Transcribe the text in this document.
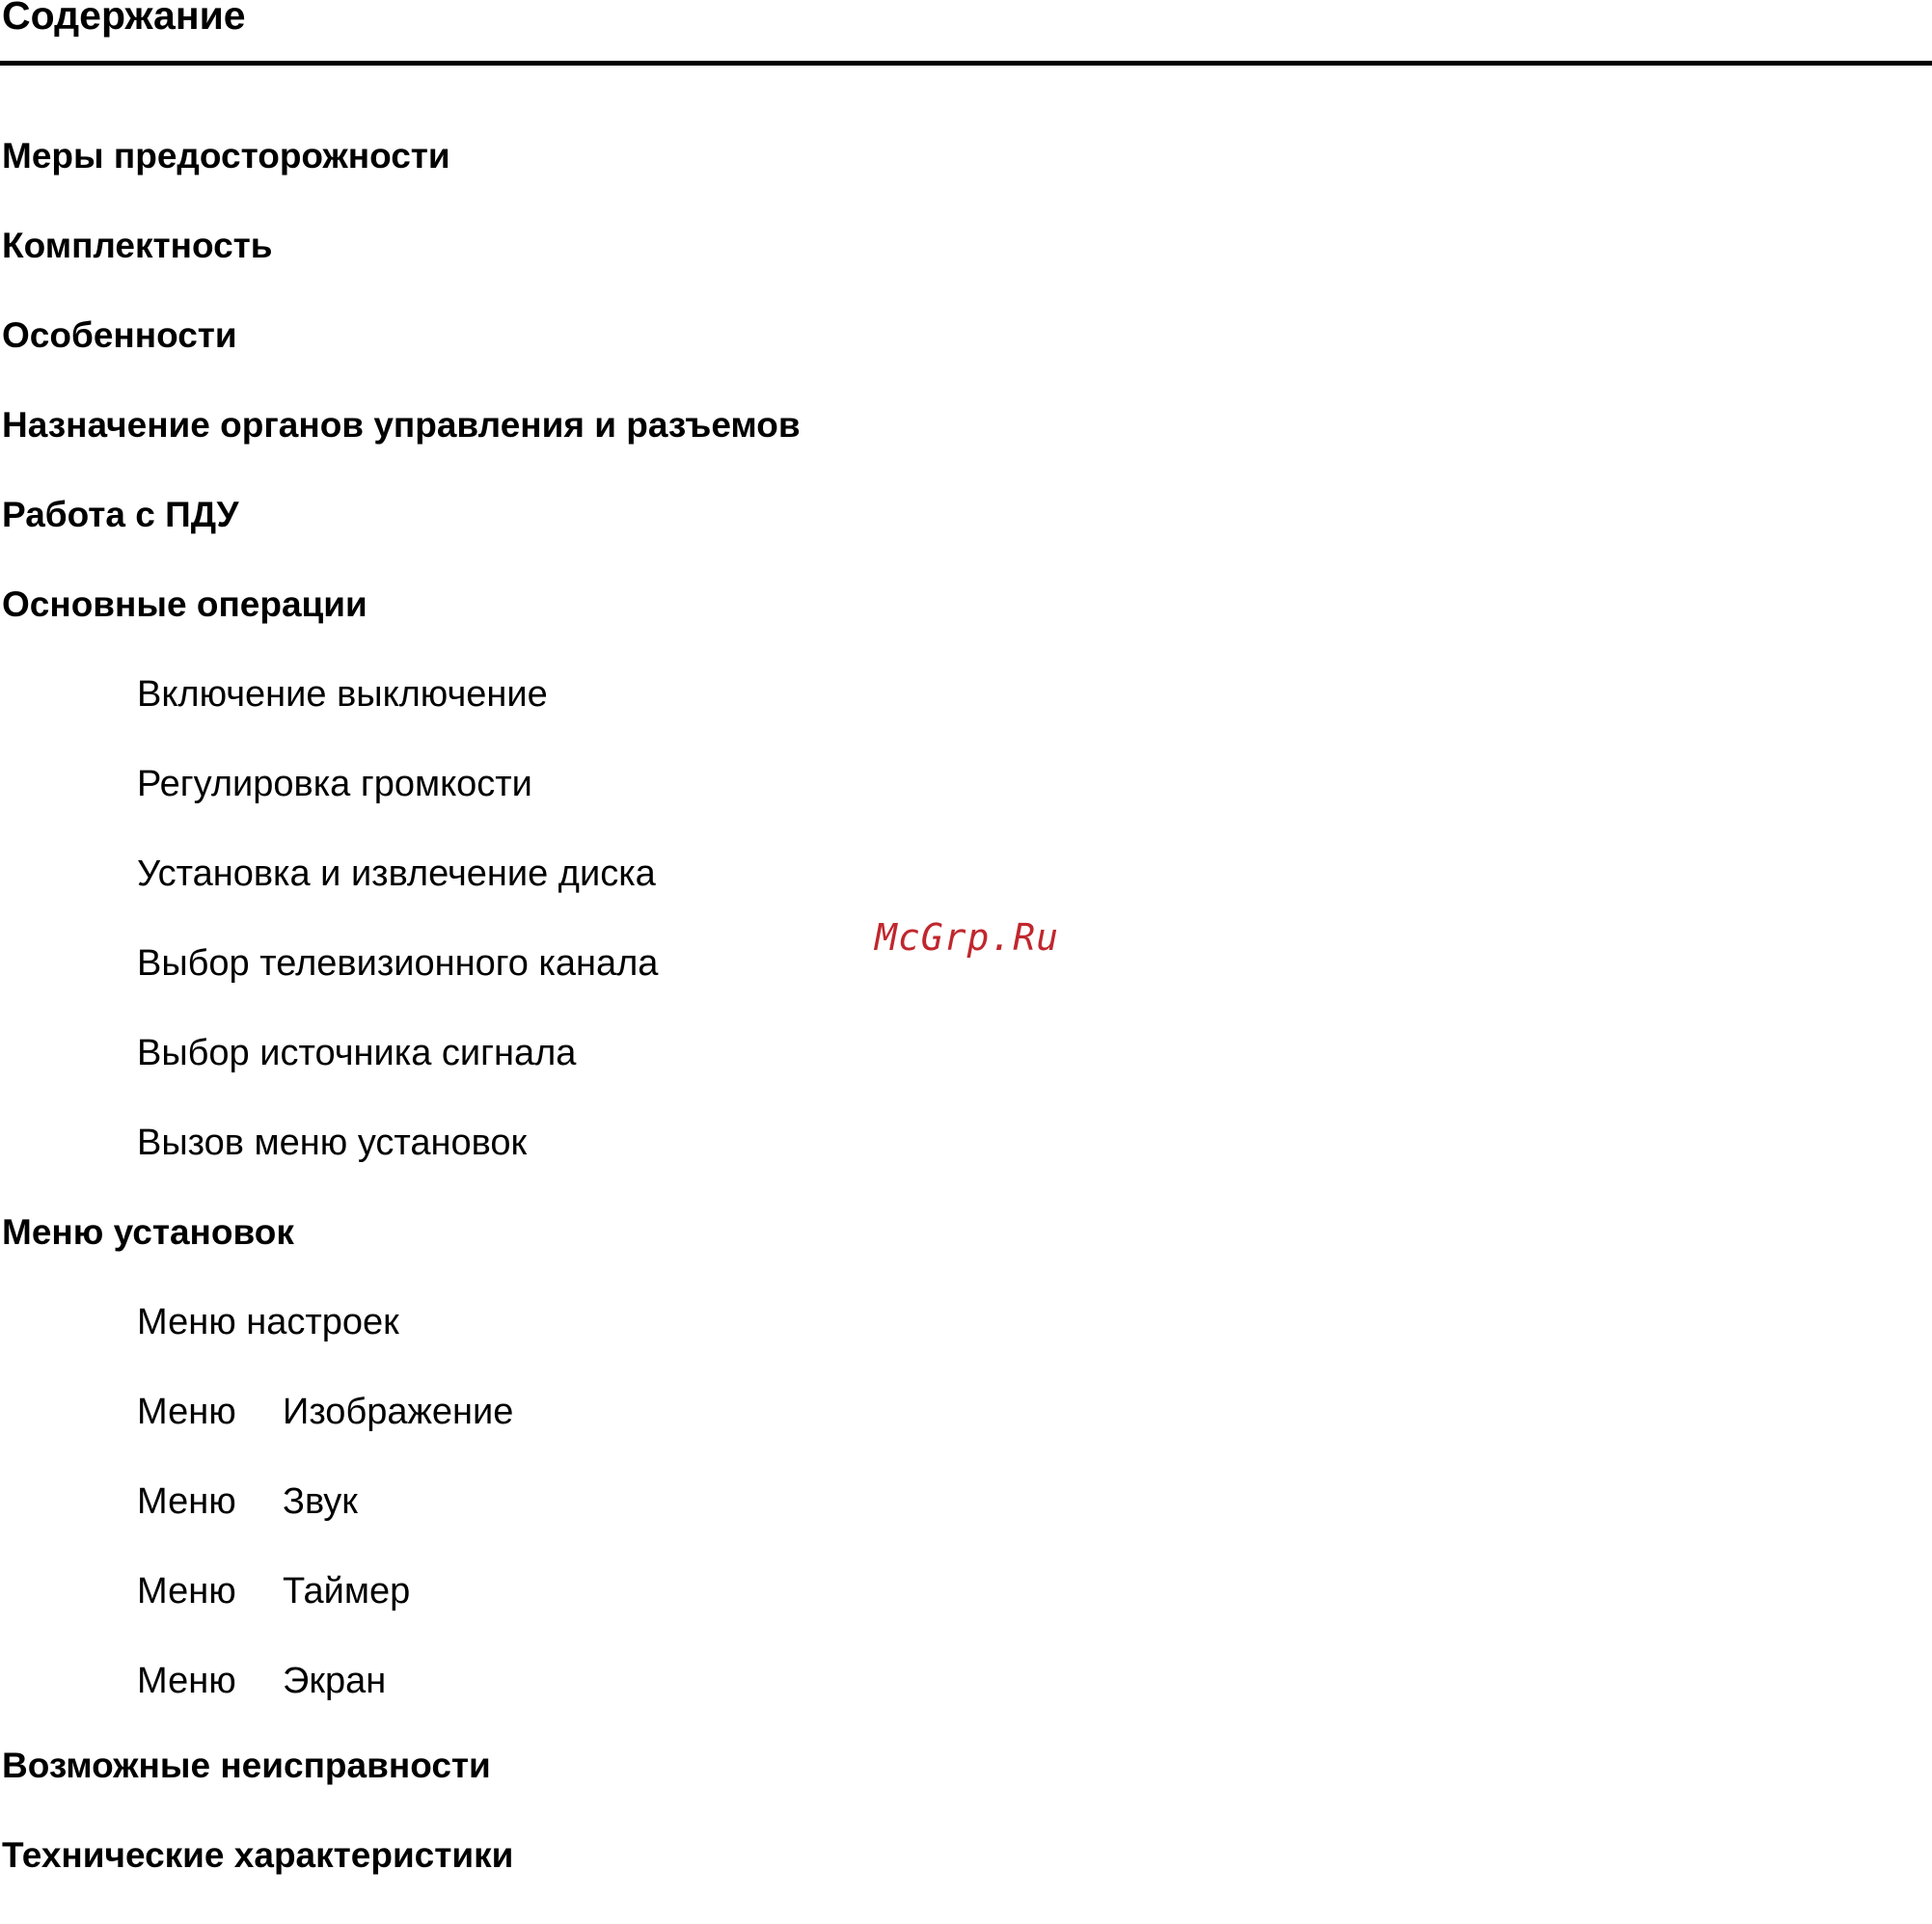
Содержание
Меры предосторожности
Комплектность
Особенности
Назначение органов управления и разъемов
Работа с ПДУ
Основные операции
Включение выключение
Регулировка громкости
Установка и извлечение диска
Выбор телевизионного канала
Выбор источника сигнала
Вызов меню установок
Меню установок
Меню настроек
Меню Изображение
Меню Звук
Меню Таймер
Меню Экран
Возможные неисправности
Технические характеристики
McGrp.Ru
